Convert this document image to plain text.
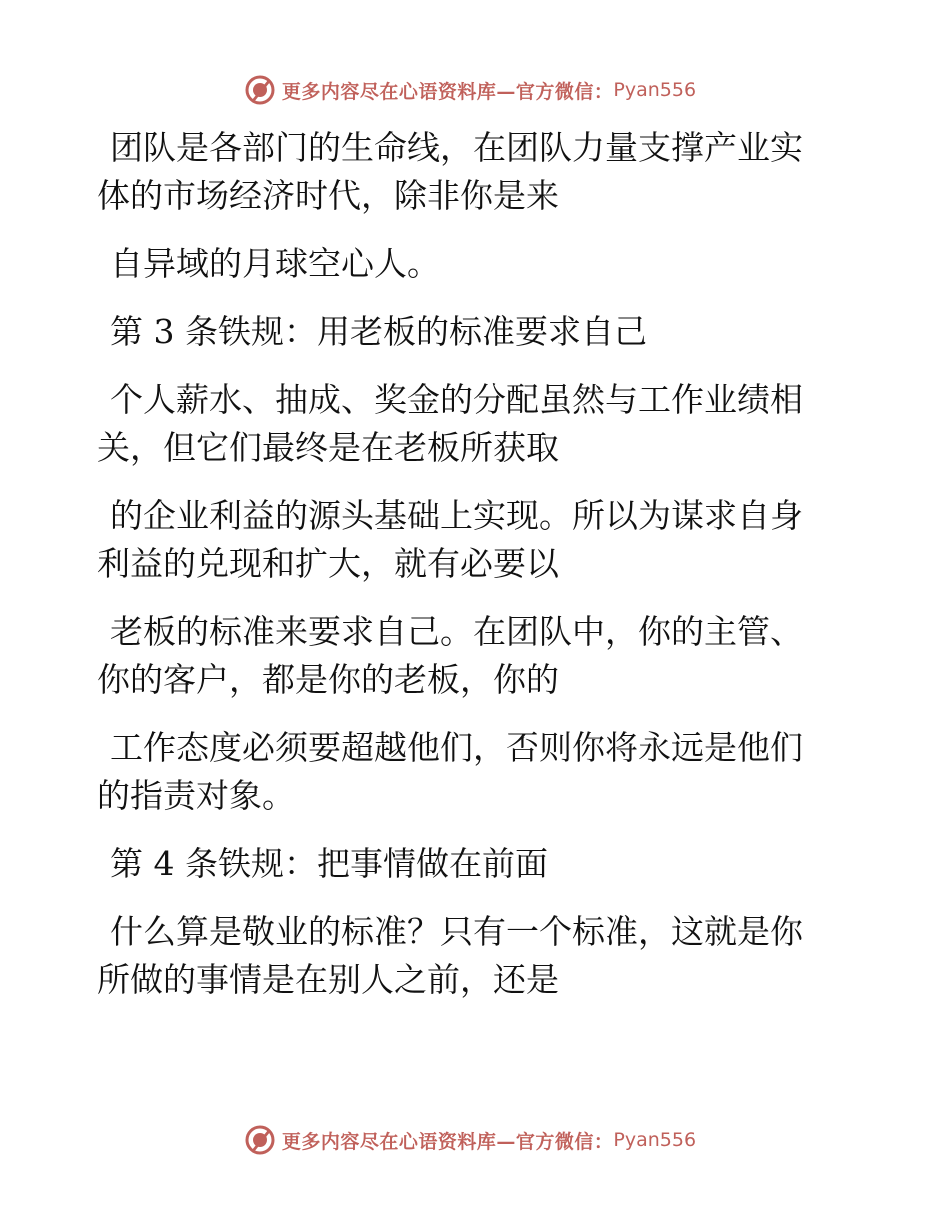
更多内容尽在心语资料库—官方微信： Pyan556

团队是各部门的生命线，在团队力量支撑产业实
体的市场经济时代，除非你是来

自异域的月球空心人。

第 3 条铁规：用老板的标准要求自己

个人薪水、抽成、奖金的分配虽然与工作业绩相
关，但它们最终是在老板所获取

的企业利益的源头基础上实现。所以为谋求自身
利益的兑现和扩大，就有必要以

老板的标准来要求自己。在团队中，你的主管、
你的客户，都是你的老板，你的

工作态度必须要超越他们，否则你将永远是他们
的指责对象。

第 4 条铁规：把事情做在前面

什么算是敬业的标准？只有一个标准，这就是你
所做的事情是在别人之前，还是

更多内容尽在心语资料库—官方微信： Pyan556
